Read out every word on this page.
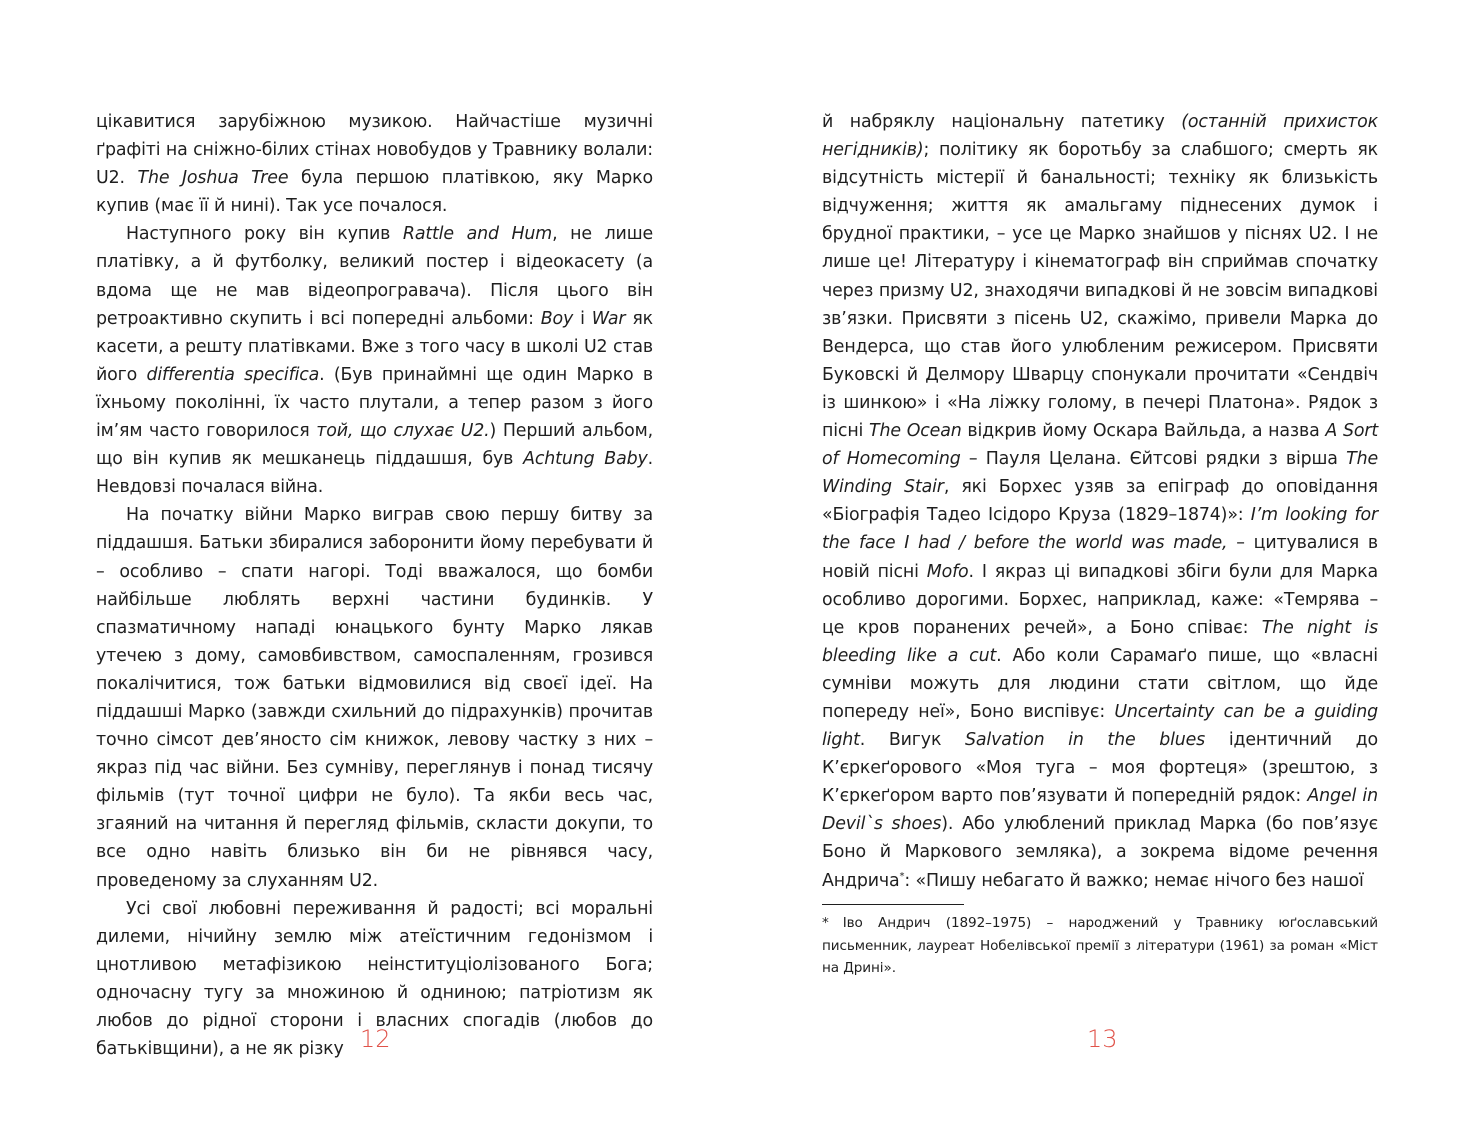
цікавитися зарубіжною музикою. Найчастіше музичні ґрафіті на сніжно-білих стінах новобудов у Травнику волали: U2. The Joshua Tree була першою платівкою, яку Марко купив (має її й нині). Так усе почалося.

Наступного року він купив Rattle and Hum, не лише платівку, а й футболку, великий постер і відеокасету (а вдома ще не мав відеопрогравача). Після цього він ретроактивно скупить і всі попередні альбоми: Boy і War як касети, а решту платівками. Вже з того часу в школі U2 став його differentia specifica. (Був принаймні ще один Марко в їхньому поколінні, їх часто плутали, а тепер разом з його ім’ям часто говорилося той, що слухає U2.) Перший альбом, що він купив як мешканець піддашшя, був Achtung Baby. Невдовзі почалася війна.

На початку війни Марко виграв свою першу битву за піддашшя. Батьки збиралися заборонити йому перебувати й – особливо – спати нагорі. Тоді вважалося, що бомби найбільше люблять верхні частини будинків. У спазматичному нападі юнацького бунту Марко лякав утечею з дому, самовбивством, самоспаленням, грозився покалічитися, тож батьки відмовилися від своєї ідеї. На піддашші Марко (завжди схильний до підрахунків) прочитав точно сімсот дев’яносто сім книжок, левову частку з них – якраз під час війни. Без сумніву, переглянув і понад тисячу фільмів (тут точної цифри не було). Та якби весь час, згаяний на читання й перегляд фільмів, скласти докупи, то все одно навіть близько він би не рівнявся часу, проведеному за слуханням U2.

Усі свої любовні переживання й радості; всі моральні дилеми, нічийну землю між атеїстичним гедонізмом і цнотливою метафізикою неінституціолізованого Бога; одночасну тугу за множиною й одниною; патріотизм як любов до рідної сторони і власних спогадів (любов до батьківщини), а не як різку 12

й набряклу національну патетику (останній прихисток негідників); політику як боротьбу за слабшого; смерть як відсутність містерії й банальності; техніку як близькість відчуження; життя як амальгаму піднесених думок і брудної практики, – усе це Марко знайшов у піснях U2. І не лише це! Літературу і кінематограф він сприймав спочатку через призму U2, знаходячи випадкові й не зовсім випадкові зв’язки. Присвяти з пісень U2, скажімо, привели Марка до Вендерса, що став його улюбленим режисером. Присвяти Буковскі й Делмору Шварцу спонукали прочитати «Сендвіч із шинкою» і «На ліжку голому, в печері Платона». Рядок з пісні The Ocean відкрив йому Оскара Вайльда, а назва A Sort of Homecoming – Пауля Целана. Єйтсові рядки з вірша The Winding Stair, які Борхес узяв за епіграф до оповідання «Біографія Тадео Ісідоро Круза (1829–1874)»: I’m looking for the face I had / before the world was made, – цитувалися в новій пісні Mofo. І якраз ці випадкові збіги були для Марка особливо дорогими. Борхес, наприклад, каже: «Темрява – це кров поранених речей», а Боно співає: The night is bleeding like a cut. Або коли Сарамаґо пише, що «власні сумніви можуть для людини стати світлом, що йде попереду неї», Боно виспівує: Uncertainty can be a guiding light. Вигук Salvation in the blues ідентичний до К’єркеґорового «Моя туга – моя фортеця» (зрештою, з К’єркеґором варто пов’язувати й попередній рядок: Angel in Devil`s shoes). Або улюблений приклад Марка (бо пов’язує Боно й Маркового земляка), а зокрема відоме речення Андрича*: «Пишу небагато й важко; немає нічого без нашої

* Іво Андрич (1892–1975) – народжений у Травнику юґославський письменник, лауреат Нобелівської премії з літератури (1961) за роман «Міст на Дрині».
13
